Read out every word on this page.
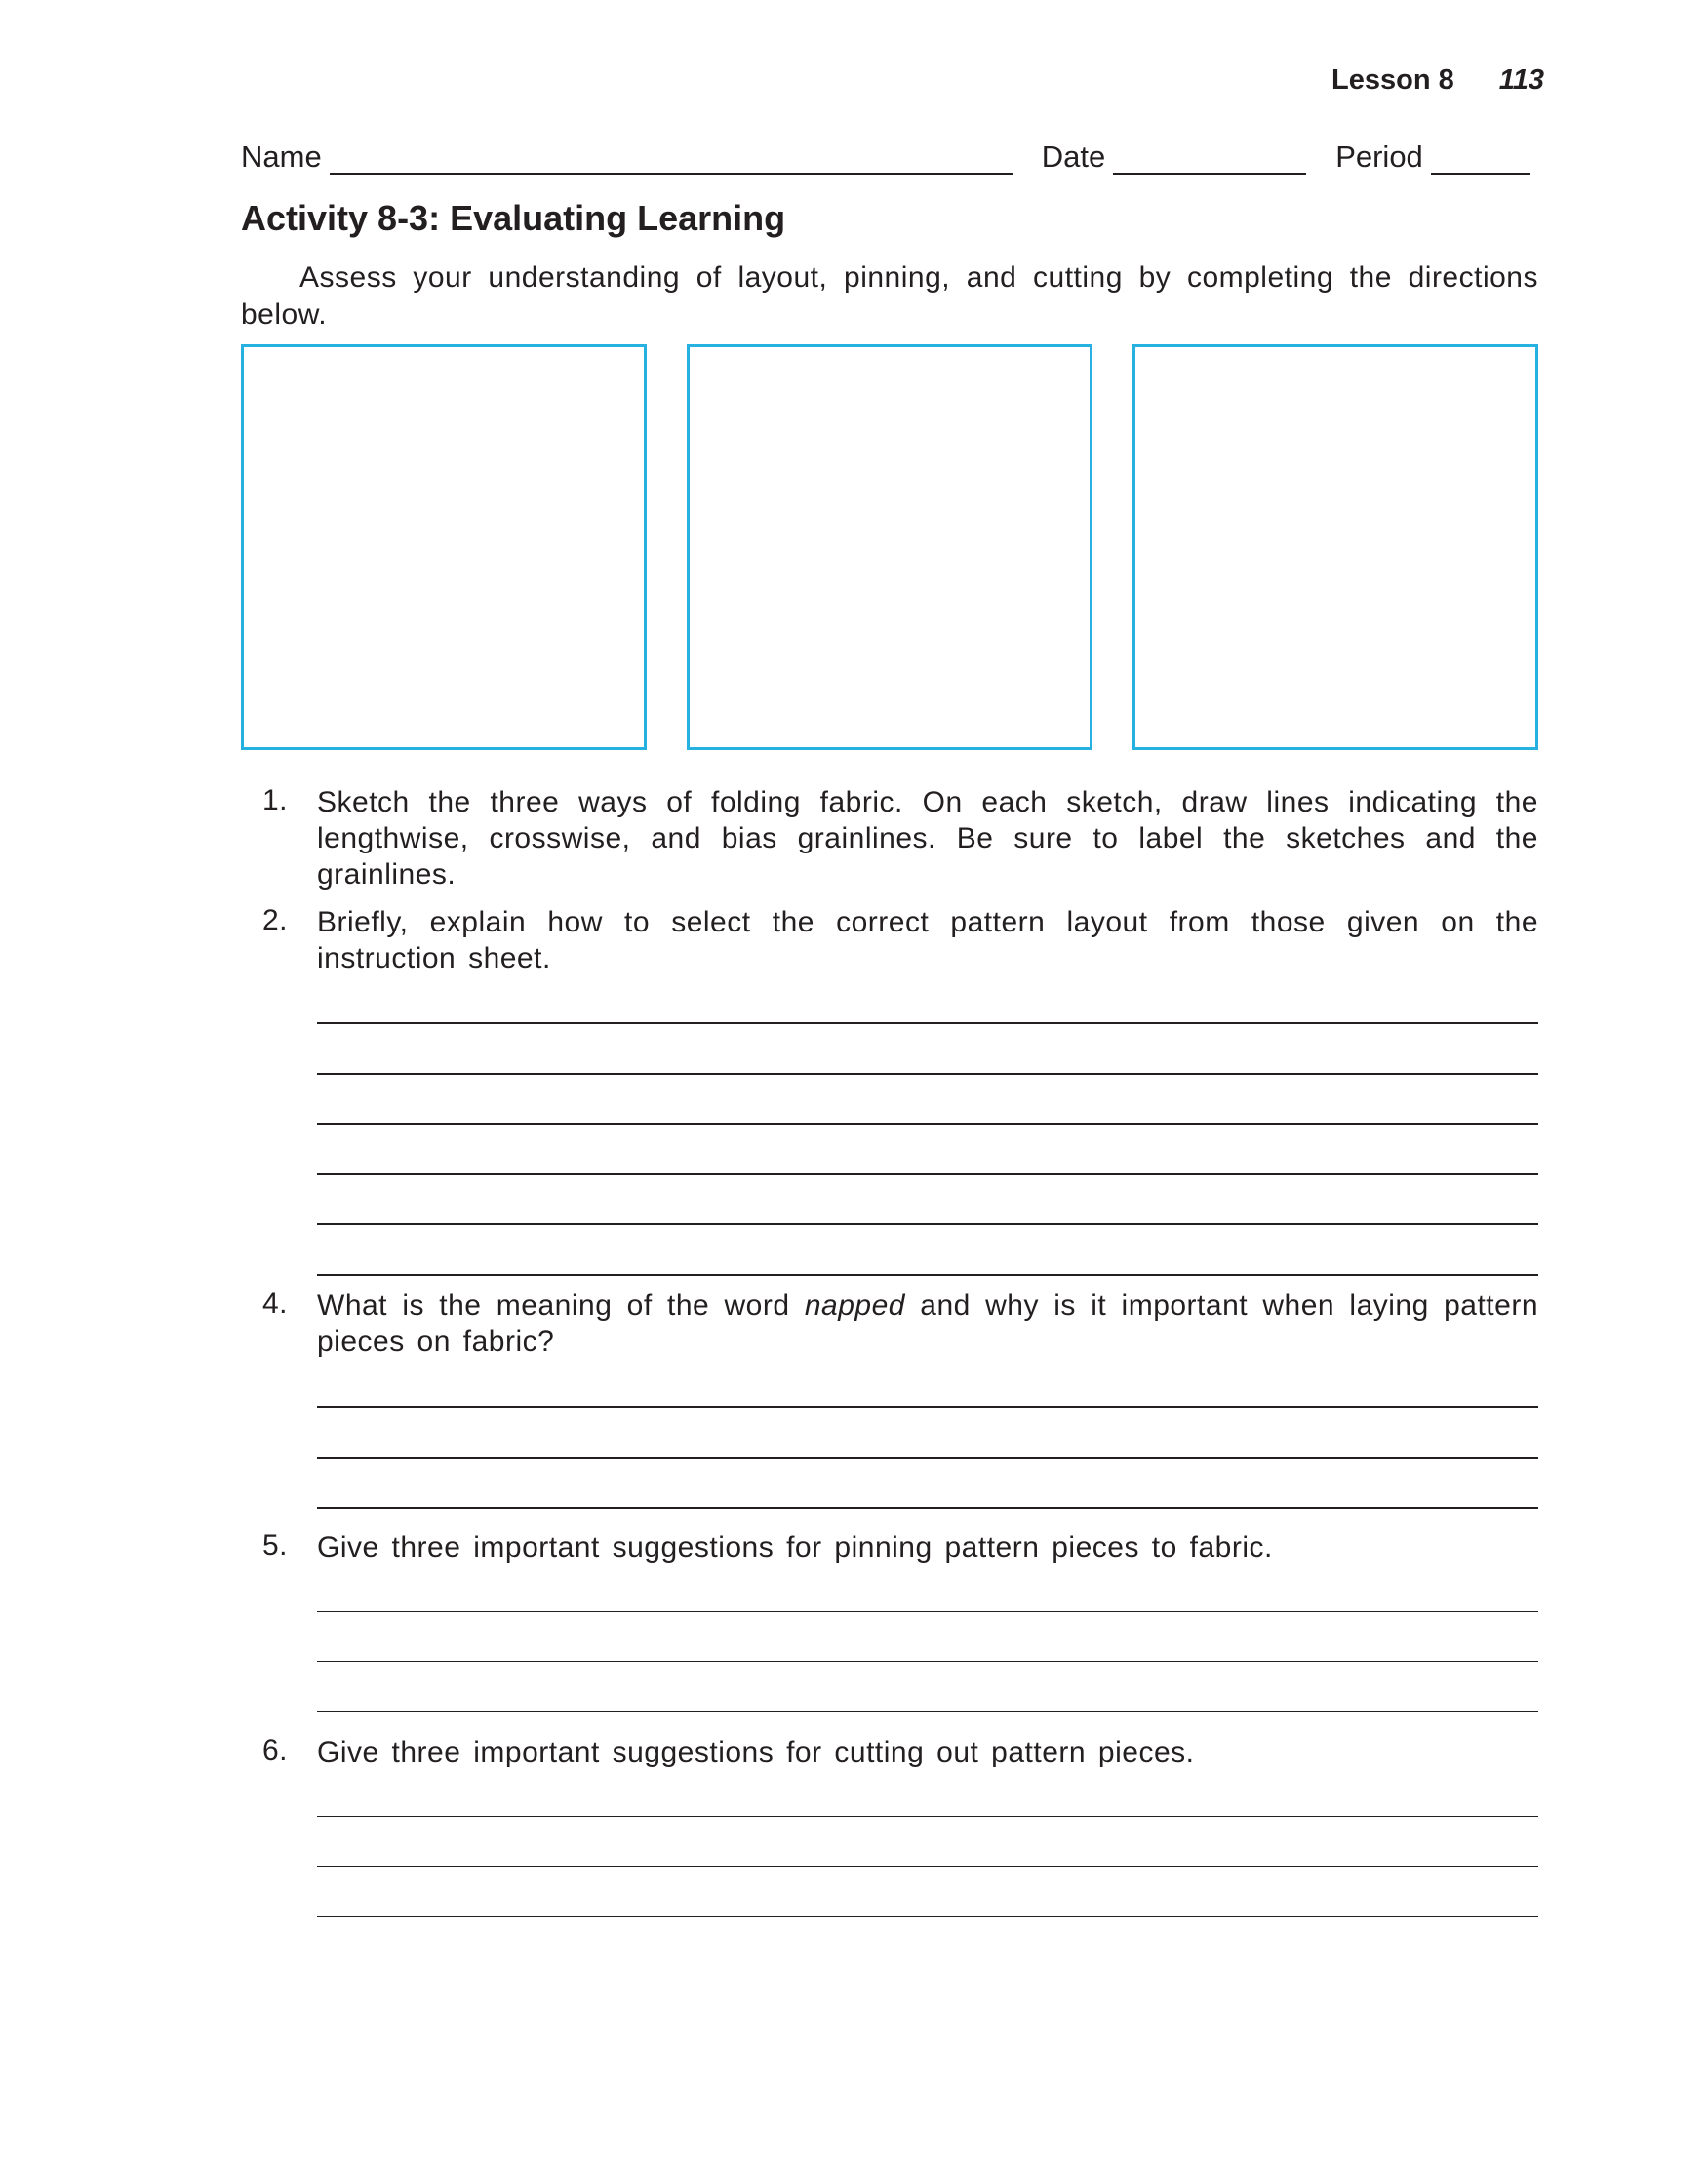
Lesson 8 113
Name	Date	Period
Activity 8-3: Evaluating Learning

Assess your understanding of layout, pinning, and cutting by completing the directions below.

1. Sketch the three ways of folding fabric. On each sketch, draw lines indicating the lengthwise, crosswise, and bias grainlines. Be sure to label the sketches and the grainlines.
2. Briefly, explain how to select the correct pattern layout from those given on the instruction sheet.
4. What is the meaning of the word napped and why is it important when laying pattern pieces on fabric?
5. Give three important suggestions for pinning pattern pieces to fabric.
6. Give three important suggestions for cutting out pattern pieces.
